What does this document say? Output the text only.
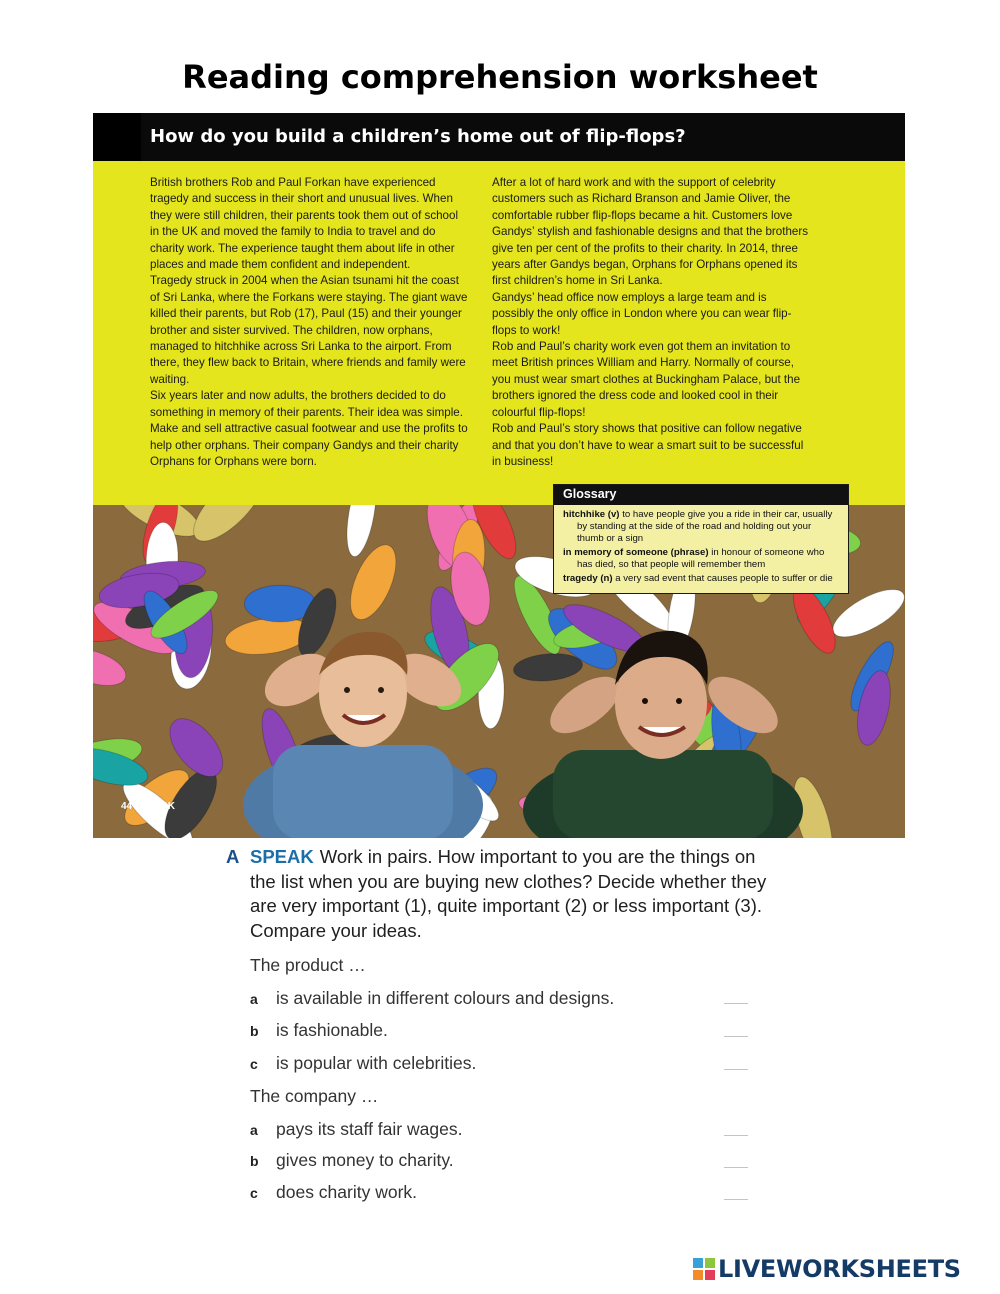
Reading comprehension worksheet
How do you build a children’s home out of flip-flops?

British brothers Rob and Paul Forkan have experienced tragedy and success in their short and unusual lives. When they were still children, their parents took them out of school in the UK and moved the family to India to travel and do charity work. The experience taught them about life in other places and made them confident and independent.

Tragedy struck in 2004 when the Asian tsunami hit the coast of Sri Lanka, where the Forkans were staying. The giant wave killed their parents, but Rob (17), Paul (15) and their younger brother and sister survived. The children, now orphans, managed to hitchhike across Sri Lanka to the airport. From there, they flew back to Britain, where friends and family were waiting.

Six years later and now adults, the brothers decided to do something in memory of their parents. Their idea was simple. Make and sell attractive casual footwear and use the profits to help other orphans. Their company Gandys and their charity Orphans for Orphans were born.

After a lot of hard work and with the support of celebrity customers such as Richard Branson and Jamie Oliver, the comfortable rubber flip-flops became a hit. Customers love Gandys’ stylish and fashionable designs and that the brothers give ten per cent of the profits to their charity. In 2014, three years after Gandys began, Orphans for Orphans opened its first children’s home in Sri Lanka.

Gandys’ head office now employs a large team and is possibly the only office in London where you can wear flip-flops to work!

Rob and Paul’s charity work even got them an invitation to meet British princes William and Harry. Normally of course, you must wear smart clothes at Buckingham Palace, but the brothers ignored the dress code and looked cool in their colourful flip-flops!

Rob and Paul’s story shows that positive can follow negative and that you don’t have to wear a smart suit to be successful in business!

Glossary
hitchhike (v) to have people give you a ride in their car, usually by standing at the side of the road and holding out your thumb or a sign
in memory of someone (phrase) in honour of someone who has died, so that people will remember them
tragedy (n) a very sad event that causes people to suffer or die
44 WORK
A SPEAK Work in pairs. How important to you are the things on the list when you are buying new clothes? Decide whether they are very important (1), quite important (2) or less important (3). Compare your ideas.
The product …
a is available in different colours and designs.
b is fashionable.
c is popular with celebrities.
The company …
a pays its staff fair wages.
b gives money to charity.
c does charity work.
LIVEWORKSHEETS
